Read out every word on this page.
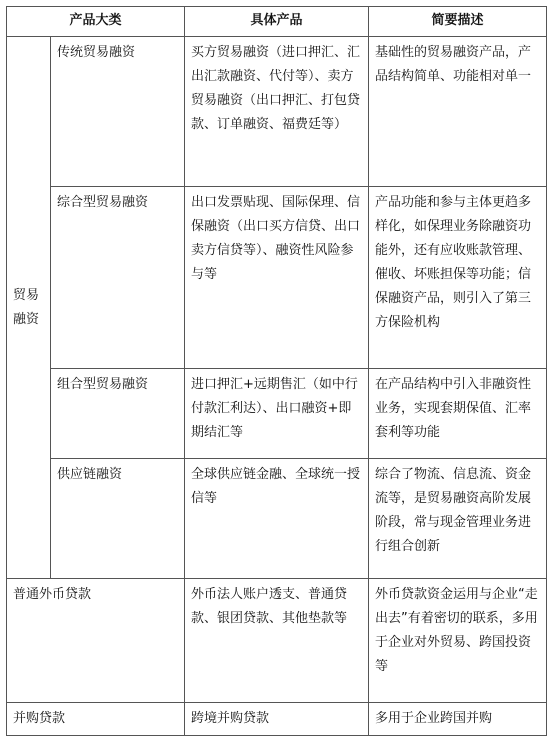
产品大类		具体产品	简要描述
贸易融资	传统贸易融资	买方贸易融资（进口押汇、汇出汇款融资、代付等）、卖方贸易融资（出口押汇、打包贷款、订单融资、福费廷等）	基础性的贸易融资产品，产品结构简单、功能相对单一
	综合型贸易融资	出口发票贴现、国际保理、信保融资（出口买方信贷、出口卖方信贷等）、融资性风险参与等	产品功能和参与主体更趋多样化，如保理业务除融资功能外，还有应收账款管理、催收、坏账担保等功能；信保融资产品，则引入了第三方保险机构
	组合型贸易融资	进口押汇+远期售汇（如中行付款汇利达）、出口融资+即期结汇等	在产品结构中引入非融资性业务，实现套期保值、汇率套利等功能
	供应链融资	全球供应链金融、全球统一授信等	综合了物流、信息流、资金流等，是贸易融资高阶发展阶段，常与现金管理业务进行组合创新
普通外币贷款		外币法人账户透支、普通贷款、银团贷款、其他垫款等	外币贷款资金运用与企业“走出去”有着密切的联系，多用于企业对外贸易、跨国投资等
并购贷款		跨境并购贷款	多用于企业跨国并购
